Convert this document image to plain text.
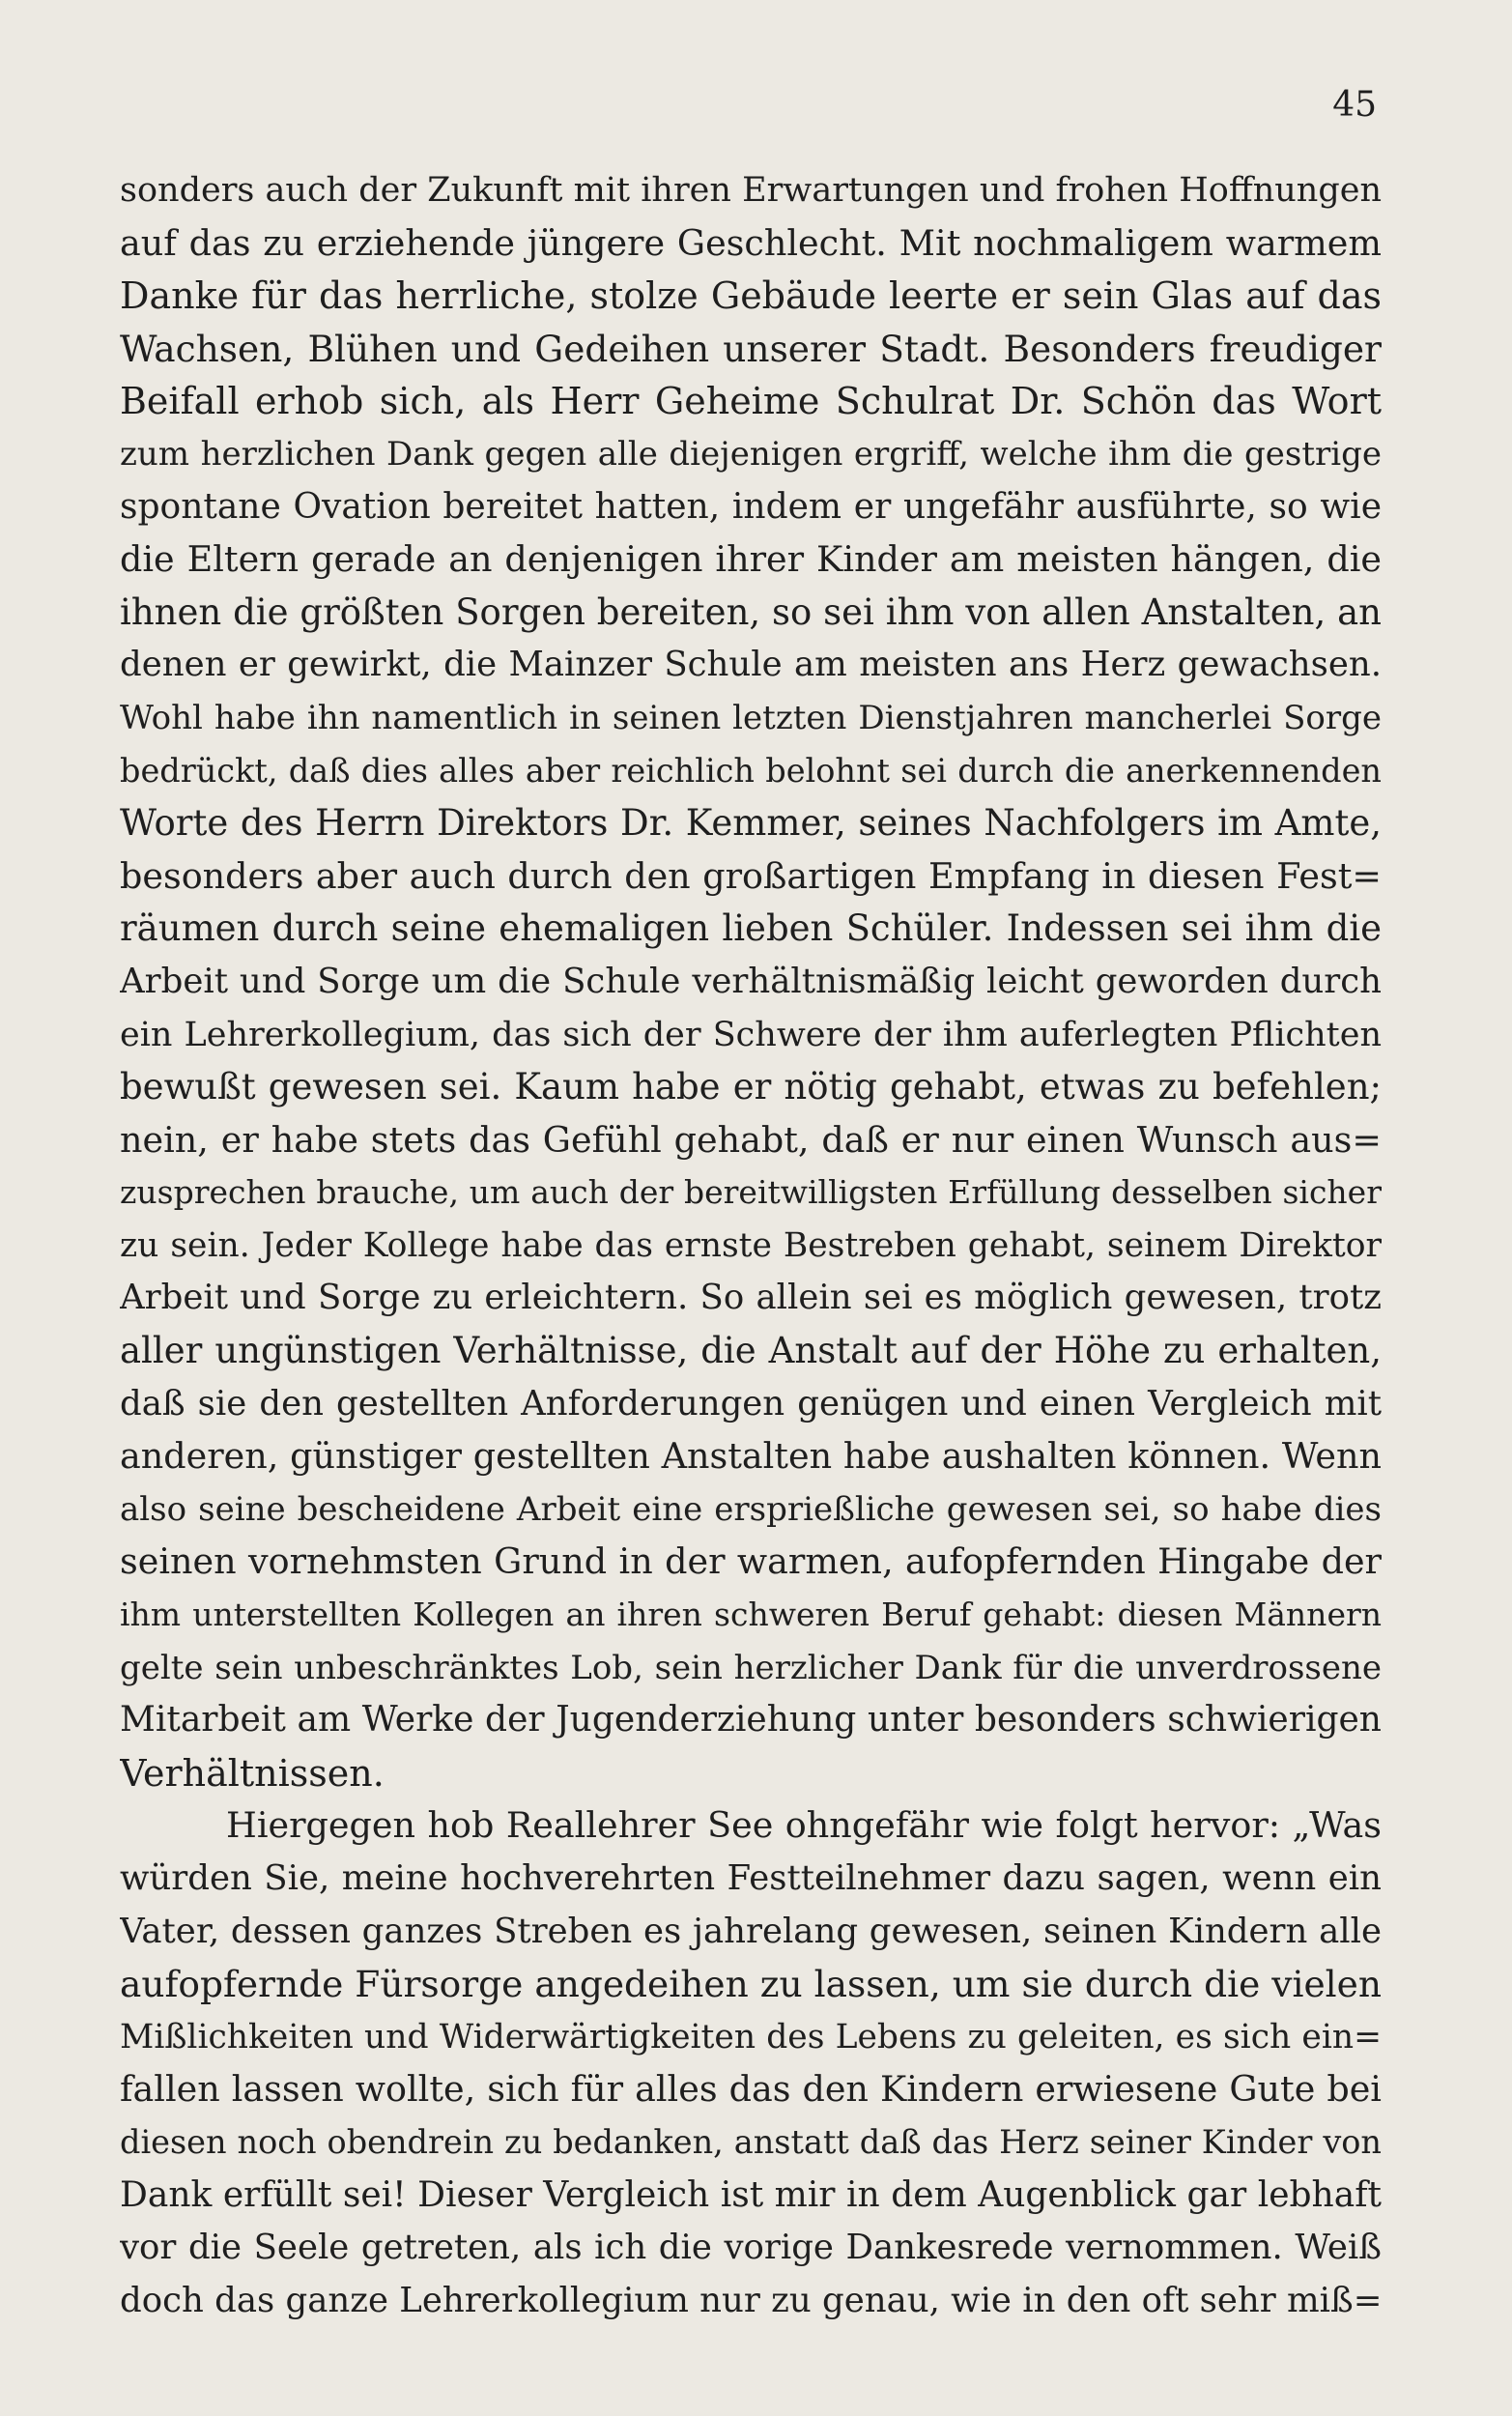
45
sonders auch der Zukunft mit ihren Erwartungen und frohen Hoffnungen
auf das zu erziehende jüngere Geschlecht. Mit nochmaligem warmem
Danke für das herrliche, stolze Gebäude leerte er sein Glas auf das
Wachsen, Blühen und Gedeihen unserer Stadt. Besonders freudiger
Beifall erhob sich, als Herr Geheime Schulrat Dr. Schön das Wort
zum herzlichen Dank gegen alle diejenigen ergriff, welche ihm die gestrige
spontane Ovation bereitet hatten, indem er ungefähr ausführte, so wie
die Eltern gerade an denjenigen ihrer Kinder am meisten hängen, die
ihnen die größten Sorgen bereiten, so sei ihm von allen Anstalten, an
denen er gewirkt, die Mainzer Schule am meisten ans Herz gewachsen.
Wohl habe ihn namentlich in seinen letzten Dienstjahren mancherlei Sorge
bedrückt, daß dies alles aber reichlich belohnt sei durch die anerkennenden
Worte des Herrn Direktors Dr. Kemmer, seines Nachfolgers im Amte,
besonders aber auch durch den großartigen Empfang in diesen Fest=
räumen durch seine ehemaligen lieben Schüler. Indessen sei ihm die
Arbeit und Sorge um die Schule verhältnismäßig leicht geworden durch
ein Lehrerkollegium, das sich der Schwere der ihm auferlegten Pflichten
bewußt gewesen sei. Kaum habe er nötig gehabt, etwas zu befehlen;
nein, er habe stets das Gefühl gehabt, daß er nur einen Wunsch aus=
zusprechen brauche, um auch der bereitwilligsten Erfüllung desselben sicher
zu sein. Jeder Kollege habe das ernste Bestreben gehabt, seinem Direktor
Arbeit und Sorge zu erleichtern. So allein sei es möglich gewesen, trotz
aller ungünstigen Verhältnisse, die Anstalt auf der Höhe zu erhalten,
daß sie den gestellten Anforderungen genügen und einen Vergleich mit
anderen, günstiger gestellten Anstalten habe aushalten können. Wenn
also seine bescheidene Arbeit eine ersprießliche gewesen sei, so habe dies
seinen vornehmsten Grund in der warmen, aufopfernden Hingabe der
ihm unterstellten Kollegen an ihren schweren Beruf gehabt: diesen Männern
gelte sein unbeschränktes Lob, sein herzlicher Dank für die unverdrossene
Mitarbeit am Werke der Jugenderziehung unter besonders schwierigen
Verhältnissen.
Hiergegen hob Reallehrer See ohngefähr wie folgt hervor: „Was
würden Sie, meine hochverehrten Festteilnehmer dazu sagen, wenn ein
Vater, dessen ganzes Streben es jahrelang gewesen, seinen Kindern alle
aufopfernde Fürsorge angedeihen zu lassen, um sie durch die vielen
Mißlichkeiten und Widerwärtigkeiten des Lebens zu geleiten, es sich ein=
fallen lassen wollte, sich für alles das den Kindern erwiesene Gute bei
diesen noch obendrein zu bedanken, anstatt daß das Herz seiner Kinder von
Dank erfüllt sei! Dieser Vergleich ist mir in dem Augenblick gar lebhaft
vor die Seele getreten, als ich die vorige Dankesrede vernommen. Weiß
doch das ganze Lehrerkollegium nur zu genau, wie in den oft sehr miß=
